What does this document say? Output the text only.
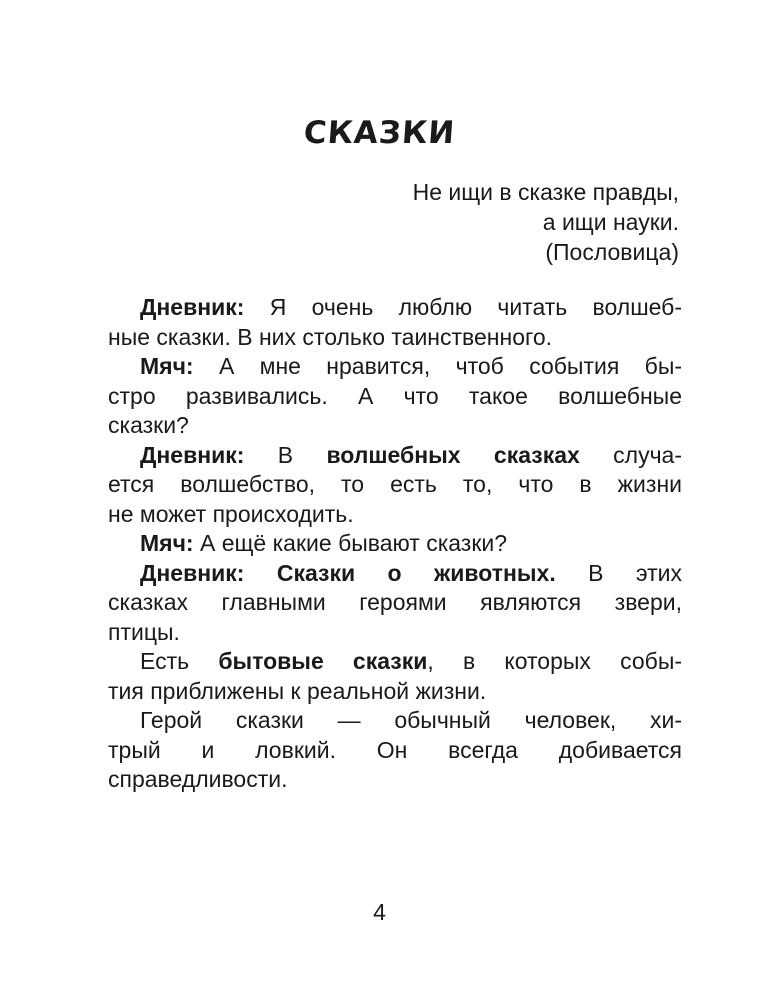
СКАЗКИ
Не ищи в сказке правды,
а ищи науки.
(Пословица)
Дневник: Я очень люблю читать волшеб-
ные сказки. В них столько таинственного.
Мяч: А мне нравится, чтоб события бы-
стро развивались. А что такое волшебные
сказки?
Дневник: В волшебных сказках случа-
ется волшебство, то есть то, что в жизни
не может происходить.
Мяч: А ещё какие бывают сказки?
Дневник: Сказки о животных. В этих
сказках главными героями являются звери,
птицы.
Есть бытовые сказки, в которых собы-
тия приближены к реальной жизни.
Герой сказки — обычный человек, хи-
трый и ловкий. Он всегда добивается
справедливости.
4
